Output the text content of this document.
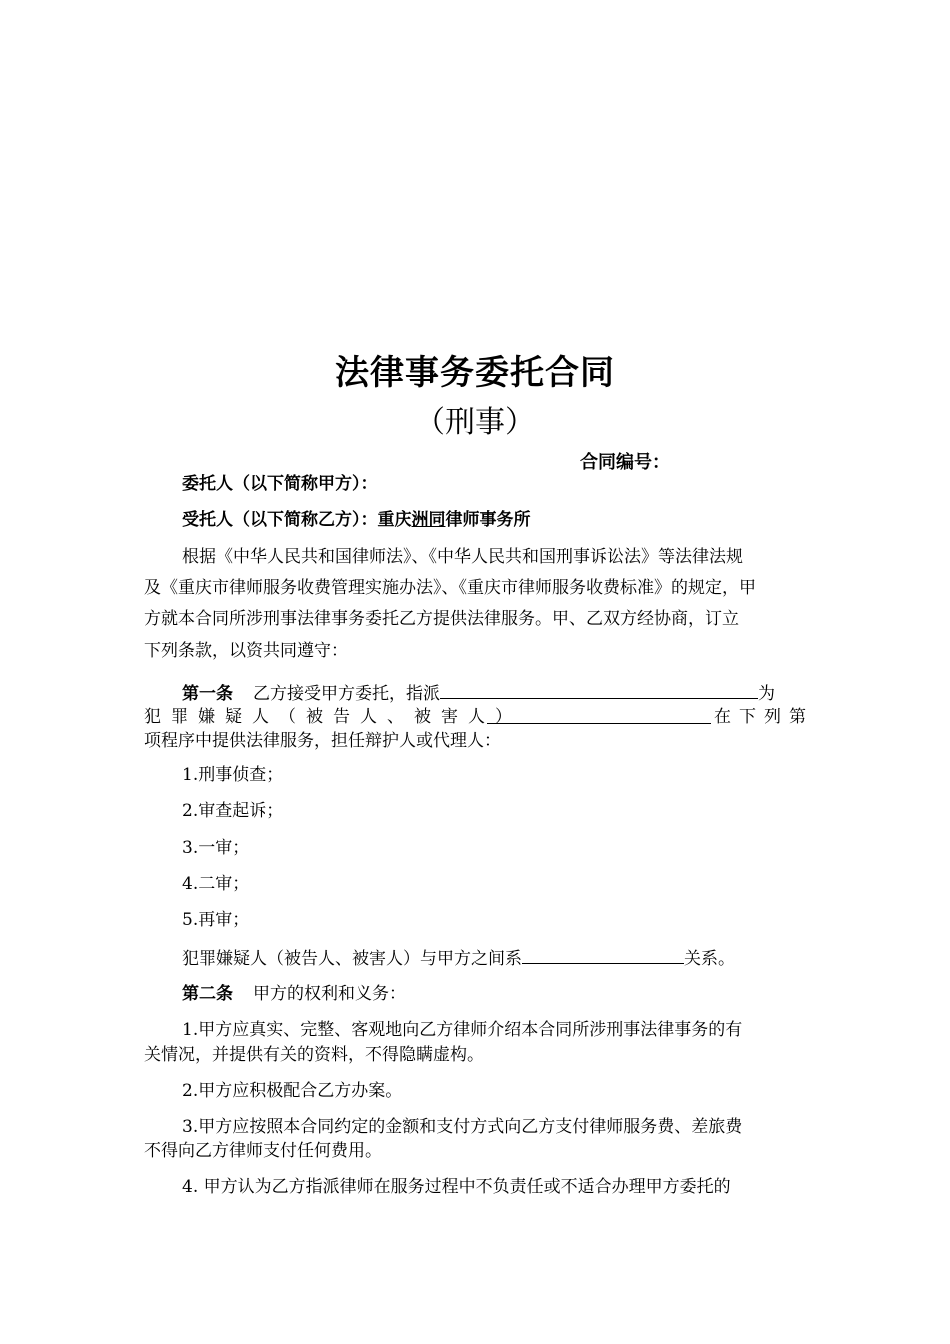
法律事务委托合同
（刑事）
合同编号：
委托人（以下简称甲方）：
受托人（以下简称乙方）：重庆洲同律师事务所
根据《中华人民共和国律师法》、《中华人民共和国刑事诉讼法》等法律法规
及《重庆市律师服务收费管理实施办法》、《重庆市律师服务收费标准》的规定，甲
方就本合同所涉刑事法律事务委托乙方提供法律服务。甲、乙双方经协商，订立
下列条款，以资共同遵守：
第一条 乙方接受甲方委托，指派	为
犯罪嫌疑人（被告人、被害人）	在下列第
项程序中提供法律服务，担任辩护人或代理人：
1.刑事侦查；
2.审查起诉；
3.一审；
4.二审；
5.再审；
犯罪嫌疑人（被告人、被害人）与甲方之间系	关系。
第二条 甲方的权利和义务：
1.甲方应真实、完整、客观地向乙方律师介绍本合同所涉刑事法律事务的有
关情况，并提供有关的资料，不得隐瞒虚构。
2.甲方应积极配合乙方办案。
3.甲方应按照本合同约定的金额和支付方式向乙方支付律师服务费、差旅费
不得向乙方律师支付任何费用。
4. 甲方认为乙方指派律师在服务过程中不负责任或不适合办理甲方委托的
